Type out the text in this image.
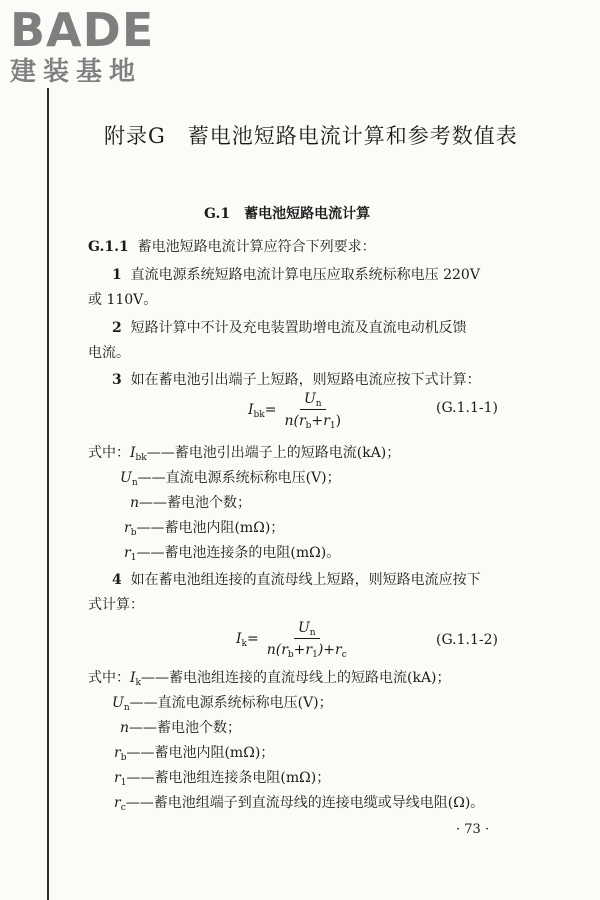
BADE
建装基地
附录G　蓄电池短路电流计算和参考数值表
G.1　蓄电池短路电流计算
G.1.1 蓄电池短路电流计算应符合下列要求：
1 直流电源系统短路电流计算电压应取系统标称电压 220V
或 110V。
2 短路计算中不计及充电装置助增电流及直流电动机反馈
电流。
3 如在蓄电池引出端子上短路，则短路电流应按下式计算：
$I_{bk} = \frac{U_n}{n(r_b+r_1)}$	(G.1.1-1)
式中：$I_{bk}——$蓄电池引出端子上的短路电流(kA)；
$U_n——$直流电源系统标称电压(V)；
n——蓄电池个数；
$r_b——$蓄电池内阻(mΩ)；
$r_1——$蓄电池连接条的电阻(mΩ)。
4 如在蓄电池组连接的直流母线上短路，则短路电流应按下
式计算：
$I_k = \frac{U_n}{n(r_b+r_1)+r_c}$	(G.1.1-2)
式中：$I_k——$蓄电池组连接的直流母线上的短路电流(kA)；
$U_n——$直流电源系统标称电压(V)；
n——蓄电池个数；
$r_b——$蓄电池内阻(mΩ)；
$r_1——$蓄电池组连接条电阻(mΩ)；
$r_c——$蓄电池组端子到直流母线的连接电缆或导线电阻(Ω)。
· 73 ·
